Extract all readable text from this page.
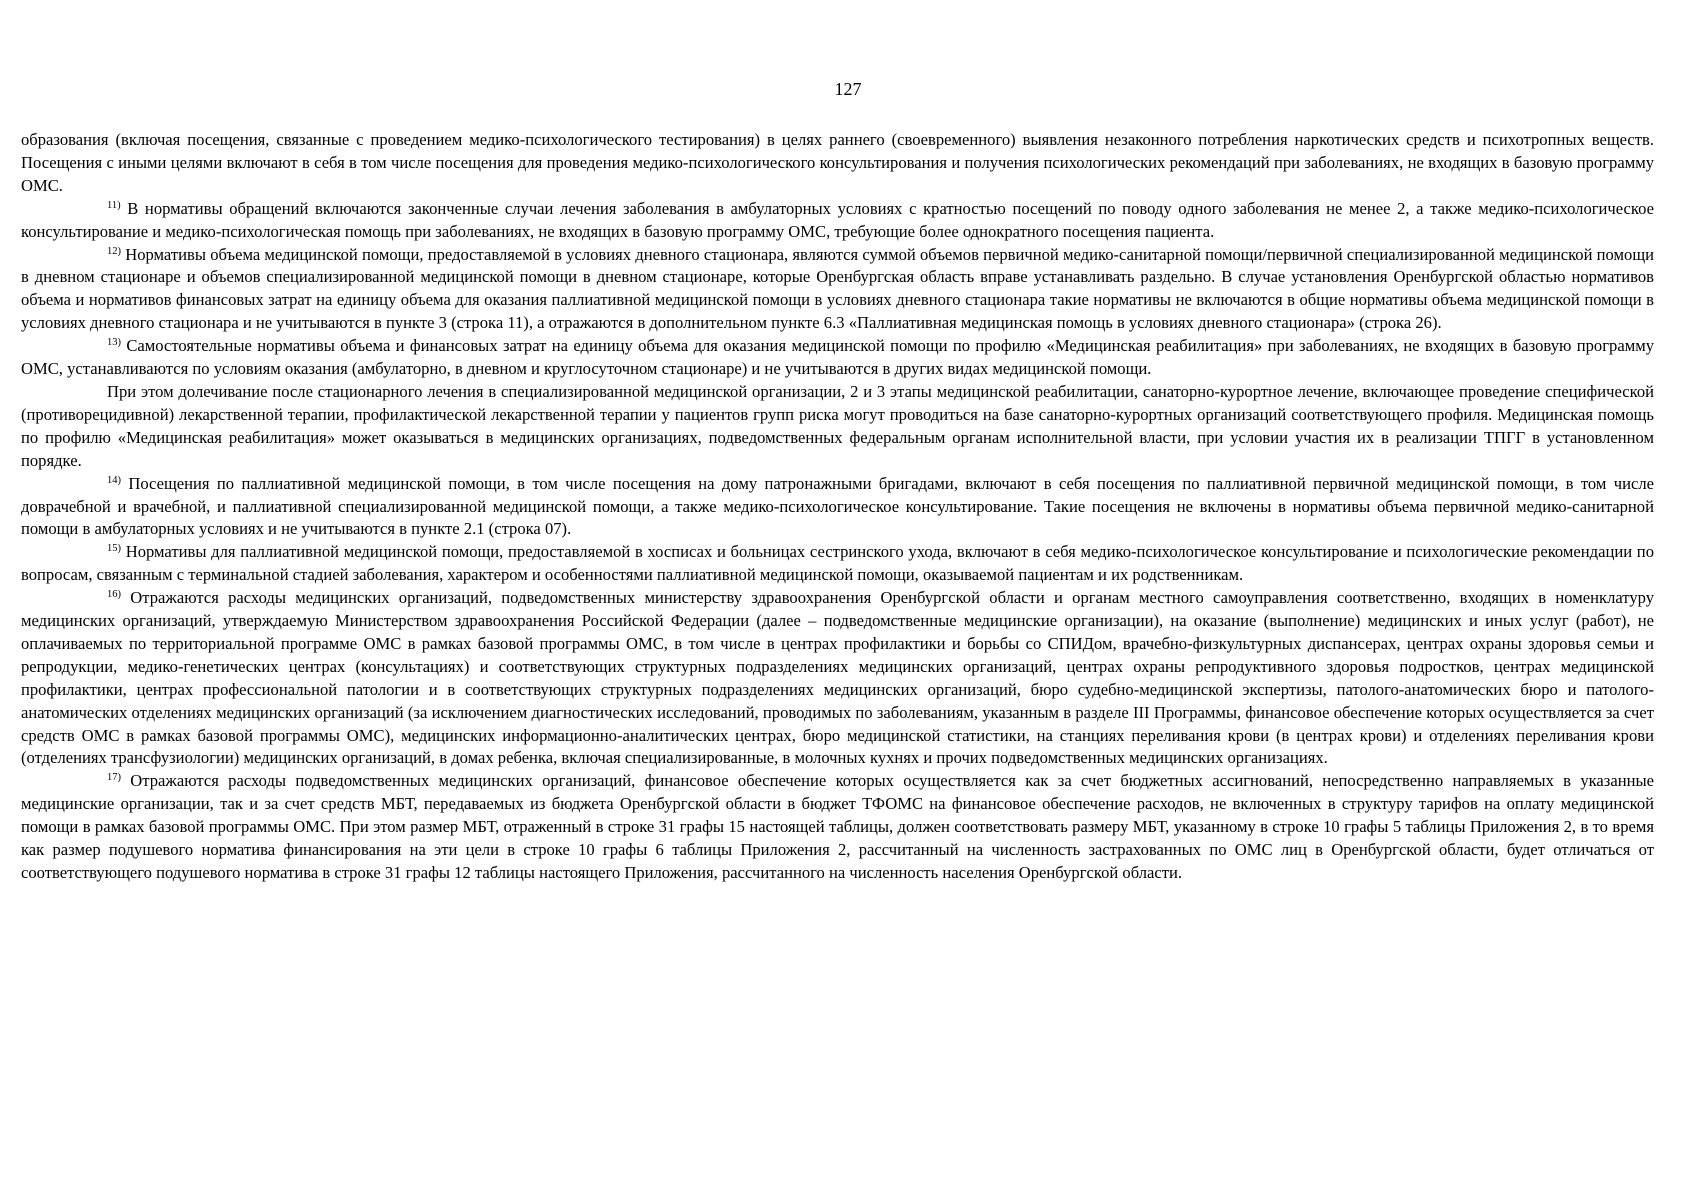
127

образования (включая посещения, связанные с проведением медико-психологического тестирования) в целях раннего (своевременного) выявления незаконного потребления наркотических средств и психотропных веществ. Посещения с иными целями включают в себя в том числе посещения для проведения медико-психологического консультирования и получения психологических рекомендаций при заболеваниях, не входящих в базовую программу ОМС.

$^{11)}$ В нормативы обращений включаются законченные случаи лечения заболевания в амбулаторных условиях с кратностью посещений по поводу одного заболевания не менее 2, а также медико-психологическое консультирование и медико-психологическая помощь при заболеваниях, не входящих в базовую программу ОМС, требующие более однократного посещения пациента.

$^{12)}$ Нормативы объема медицинской помощи, предоставляемой в условиях дневного стационара, являются суммой объемов первичной медико-санитарной помощи/первичной специализированной медицинской помощи в дневном стационаре и объемов специализированной медицинской помощи в дневном стационаре, которые Оренбургская область вправе устанавливать раздельно. В случае установления Оренбургской областью нормативов объема и нормативов финансовых затрат на единицу объема для оказания паллиативной медицинской помощи в условиях дневного стационара такие нормативы не включаются в общие нормативы объема медицинской помощи в условиях дневного стационара и не учитываются в пункте 3 (строка 11), а отражаются в дополнительном пункте 6.3 «Паллиативная медицинская помощь в условиях дневного стационара» (строка 26).

$^{13)}$ Самостоятельные нормативы объема и финансовых затрат на единицу объема для оказания медицинской помощи по профилю «Медицинская реабилитация» при заболеваниях, не входящих в базовую программу ОМС, устанавливаются по условиям оказания (амбулаторно, в дневном и круглосуточном стационаре) и не учитываются в других видах медицинской помощи.

При этом долечивание после стационарного лечения в специализированной медицинской организации, 2 и 3 этапы медицинской реабилитации, санаторно-курортное лечение, включающее проведение специфической (противорецидивной) лекарственной терапии, профилактической лекарственной терапии у пациентов групп риска могут проводиться на базе санаторно-курортных организаций соответствующего профиля. Медицинская помощь по профилю «Медицинская реабилитация» может оказываться в медицинских организациях, подведомственных федеральным органам исполнительной власти, при условии участия их в реализации ТПГГ в установленном порядке.

$^{14)}$ Посещения по паллиативной медицинской помощи, в том числе посещения на дому патронажными бригадами, включают в себя посещения по паллиативной первичной медицинской помощи, в том числе доврачебной и врачебной, и паллиативной специализированной медицинской помощи, а также медико-психологическое консультирование. Такие посещения не включены в нормативы объема первичной медико-санитарной помощи в амбулаторных условиях и не учитываются в пункте 2.1 (строка 07).

$^{15)}$ Нормативы для паллиативной медицинской помощи, предоставляемой в хосписах и больницах сестринского ухода, включают в себя медико-психологическое консультирование и психологические рекомендации по вопросам, связанным с терминальной стадией заболевания, характером и особенностями паллиативной медицинской помощи, оказываемой пациентам и их родственникам.

$^{16)}$ Отражаются расходы медицинских организаций, подведомственных министерству здравоохранения Оренбургской области и органам местного самоуправления соответственно, входящих в номенклатуру медицинских организаций, утверждаемую Министерством здравоохранения Российской Федерации (далее – подведомственные медицинские организации), на оказание (выполнение) медицинских и иных услуг (работ), не оплачиваемых по территориальной программе ОМС в рамках базовой программы ОМС, в том числе в центрах профилактики и борьбы со СПИДом, врачебно-физкультурных диспансерах, центрах охраны здоровья семьи и репродукции, медико-генетических центрах (консультациях) и соответствующих структурных подразделениях медицинских организаций, центрах охраны репродуктивного здоровья подростков, центрах медицинской профилактики, центрах профессиональной патологии и в соответствующих структурных подразделениях медицинских организаций, бюро судебно-медицинской экспертизы, патолого-анатомических бюро и патолого-анатомических отделениях медицинских организаций (за исключением диагностических исследований, проводимых по заболеваниям, указанным в разделе III Программы, финансовое обеспечение которых осуществляется за счет средств ОМС в рамках базовой программы ОМС), медицинских информационно-аналитических центрах, бюро медицинской статистики, на станциях переливания крови (в центрах крови) и отделениях переливания крови (отделениях трансфузиологии) медицинских организаций, в домах ребенка, включая специализированные, в молочных кухнях и прочих подведомственных медицинских организациях.

$^{17)}$ Отражаются расходы подведомственных медицинских организаций, финансовое обеспечение которых осуществляется как за счет бюджетных ассигнований, непосредственно направляемых в указанные медицинские организации, так и за счет средств МБТ, передаваемых из бюджета Оренбургской области в бюджет ТФОМС на финансовое обеспечение расходов, не включенных в структуру тарифов на оплату медицинской помощи в рамках базовой программы ОМС. При этом размер МБТ, отраженный в строке 31 графы 15 настоящей таблицы, должен соответствовать размеру МБТ, указанному в строке 10 графы 5 таблицы Приложения 2, в то время как размер подушевого норматива финансирования на эти цели в строке 10 графы 6 таблицы Приложения 2, рассчитанный на численность застрахованных по ОМС лиц в Оренбургской области, будет отличаться от соответствующего подушевого норматива в строке 31 графы 12 таблицы настоящего Приложения, рассчитанного на численность населения Оренбургской области.
